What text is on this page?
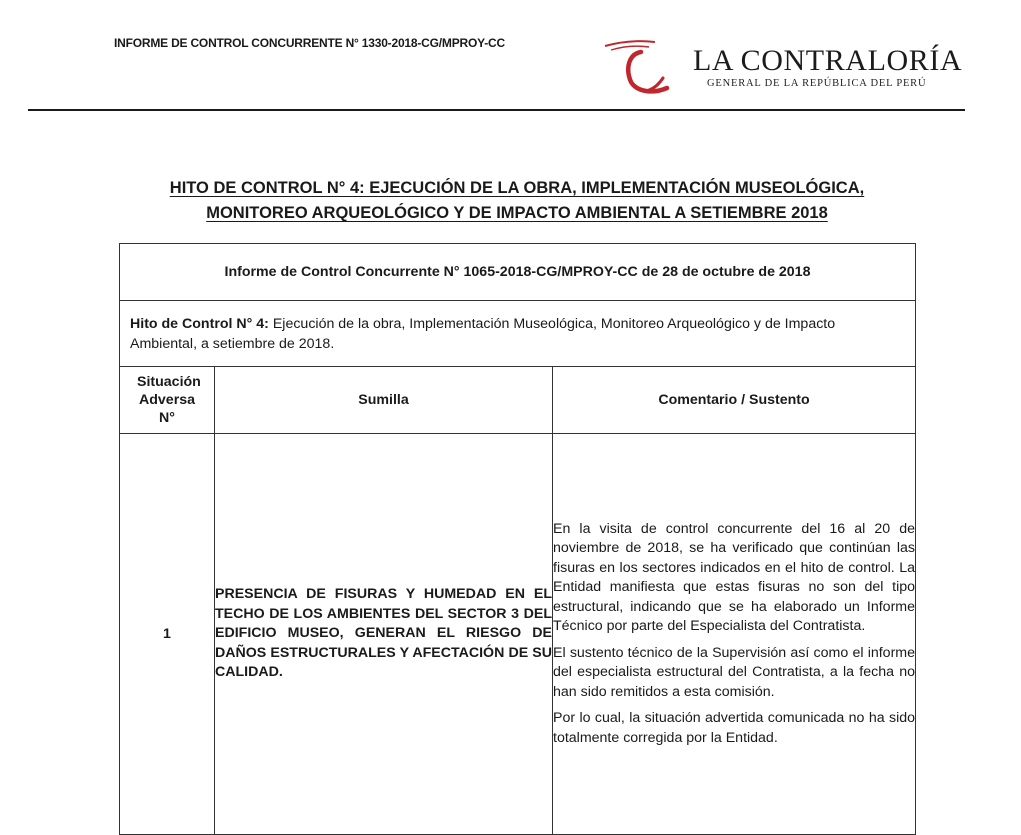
INFORME DE CONTROL CONCURRENTE N° 1330-2018-CG/MPROY-CC
LA CONTRALORÍA
GENERAL DE LA REPÚBLICA DEL PERÚ
HITO DE CONTROL N° 4: EJECUCIÓN DE LA OBRA, IMPLEMENTACIÓN MUSEOLÓGICA,
MONITOREO ARQUEOLÓGICO Y DE IMPACTO AMBIENTAL A SETIEMBRE 2018
Informe de Control Concurrente N° 1065-2018-CG/MPROY-CC de 28 de octubre de 2018		
Hito de Control N° 4: Ejecución de la obra, Implementación Museológica, Monitoreo Arqueológico y de Impacto Ambiental, a setiembre de 2018.		

Situación Adversa N°	Sumilla	Comentario / Sustento
1	PRESENCIA DE FISURAS Y HUMEDAD EN EL TECHO DE LOS AMBIENTES DEL SECTOR 3 DEL EDIFICIO MUSEO, GENERAN EL RIESGO DE DAÑOS ESTRUCTURALES Y AFECTACIÓN DE SU CALIDAD.	En la visita de control concurrente del 16 al 20 de noviembre de 2018, se ha verificado que continúan las fisuras en los sectores indicados en el hito de control. La Entidad manifiesta que estas fisuras no son del tipo estructural, indicando que se ha elaborado un Informe Técnico por parte del Especialista del Contratista.

El sustento técnico de la Supervisión así como el informe del especialista estructural del Contratista, a la fecha no han sido remitidos a esta comisión.

Por lo cual, la situación advertida comunicada no ha sido totalmente corregida por la Entidad.
